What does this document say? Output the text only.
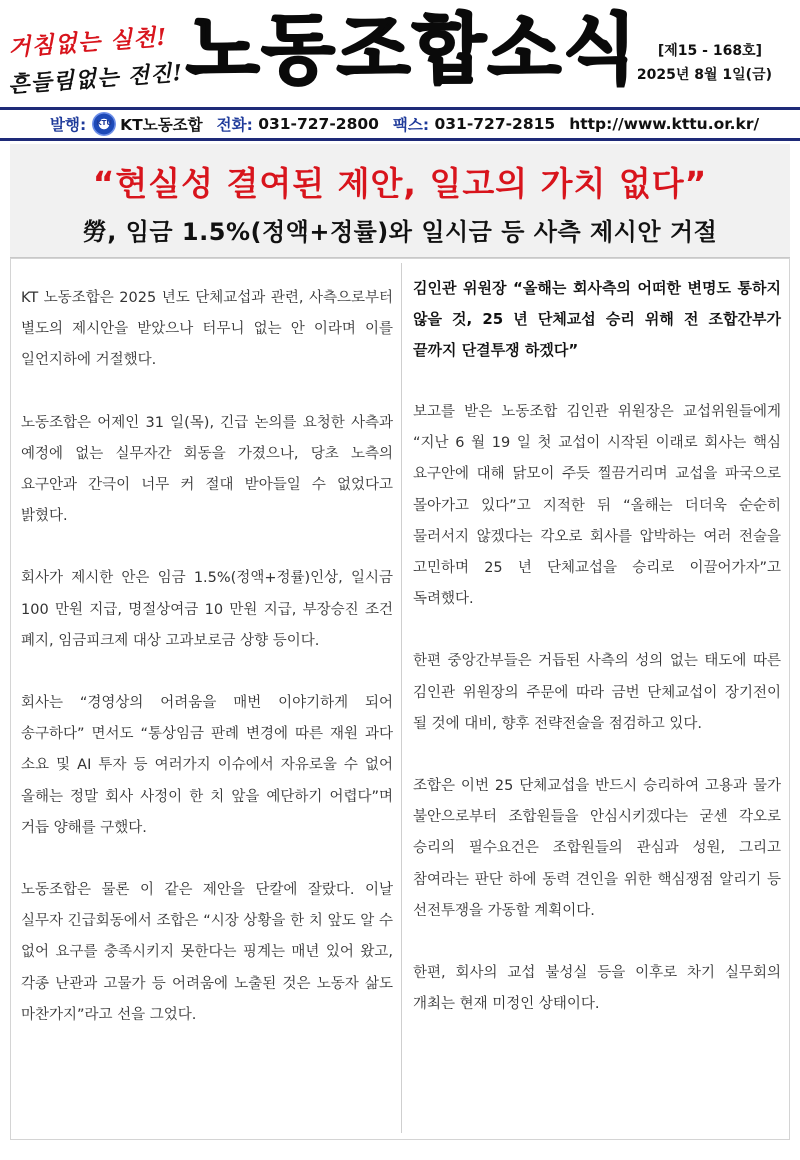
거침없는 실천!
흔들림없는 전진! 노동조합소식 [제15 - 168호]
2025년 8월 1일(금)
발행:	KTU KT노동조합 전화:
031-727-2800 팩스:
031-727-2815 http://www.kttu.or.kr/
“현실성 결여된 제안, 일고의 가치 없다”
勞, 임금 1.5%(정액+정률)와 일시금 등 사측 제시안 거절

KT 노동조합은 2025 년도 단체교섭과 관련, 사측으로부터 별도의 제시안을 받았으나 터무니 없는 안 이라며 이를 일언지하에 거절했다.

노동조합은 어제인 31 일(목), 긴급 논의를 요청한 사측과 예정에 없는 실무자간 회동을 가졌으나, 당초 노측의 요구안과 간극이 너무 커 절대 받아들일 수 없었다고 밝혔다.

회사가 제시한 안은 임금 1.5%(정액+정률)인상, 일시금 100 만원 지급, 명절상여금 10 만원 지급, 부장승진 조건 폐지, 임금피크제 대상 고과보로금 상향 등이다.

회사는 “경영상의 어려움을 매번 이야기하게 되어 송구하다” 면서도 “통상임금 판례 변경에 따른 재원 과다 소요 및 AI 투자 등 여러가지 이슈에서 자유로울 수 없어 올해는 정말 회사 사정이 한 치 앞을 예단하기 어렵다”며 거듭 양해를 구했다.

노동조합은 물론 이 같은 제안을 단칼에 잘랐다. 이날 실무자 긴급회동에서 조합은 “시장 상황을 한 치 앞도 알 수 없어 요구를 충족시키지 못한다는 핑계는 매년 있어 왔고, 각종 난관과 고물가 등 어려움에 노출된 것은 노동자 삶도 마찬가지”라고 선을 그었다.

김인관 위원장 “올해는 회사측의 어떠한 변명도 통하지 않을 것, 25 년 단체교섭 승리 위해 전 조합간부가 끝까지 단결투쟁 하겠다”

보고를 받은 노동조합 김인관 위원장은 교섭위원들에게 “지난 6 월 19 일 첫 교섭이 시작된 이래로 회사는 핵심 요구안에 대해 닭모이 주듯 찔끔거리며 교섭을 파국으로 몰아가고 있다”고 지적한 뒤 “올해는 더더욱 순순히 물러서지 않겠다는 각오로 회사를 압박하는 여러 전술을 고민하며 25 년 단체교섭을 승리로 이끌어가자”고 독려했다.

한편 중앙간부들은 거듭된 사측의 성의 없는 태도에 따른 김인관 위원장의 주문에 따라 금번 단체교섭이 장기전이 될 것에 대비, 향후 전략전술을 점검하고 있다.

조합은 이번 25 단체교섭을 반드시 승리하여 고용과 물가 불안으로부터 조합원들을 안심시키겠다는 굳센 각오로 승리의 필수요건은 조합원들의 관심과 성원, 그리고 참여라는 판단 하에 동력 견인을 위한 핵심쟁점 알리기 등 선전투쟁을 가동할 계획이다.

한편, 회사의 교섭 불성실 등을 이후로 차기 실무회의 개최는 현재 미정인 상태이다.
